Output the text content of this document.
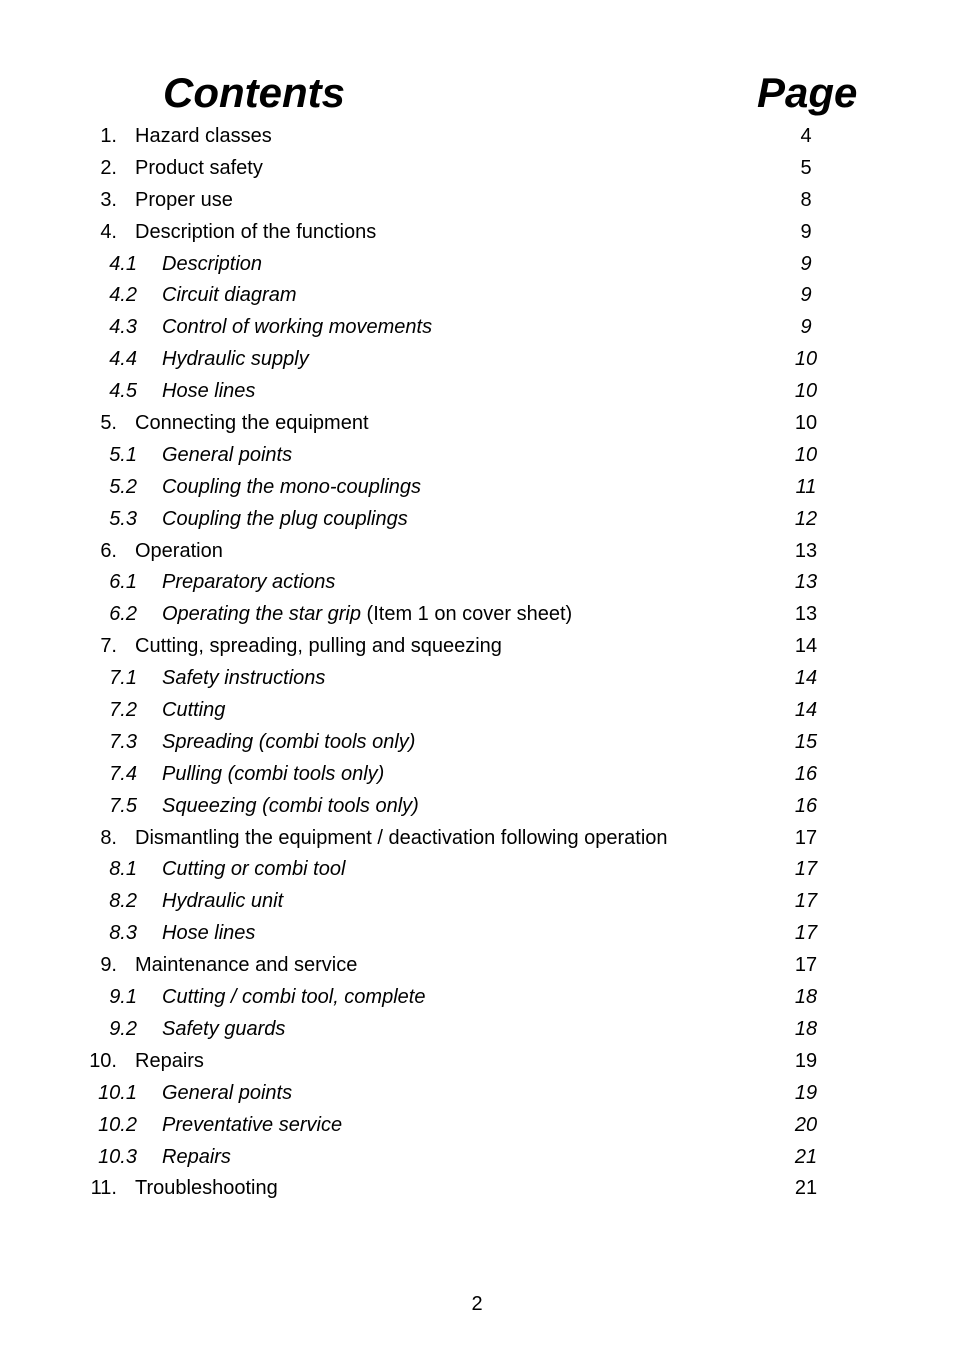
Contents	Page
1. Hazard classes	4
2. Product safety	5
3. Proper use	8
4. Description of the functions	9
4.1 Description	9
4.2 Circuit diagram	9
4.3 Control of working movements	9
4.4 Hydraulic supply	10
4.5 Hose lines	10
5. Connecting the equipment	10
5.1 General points	10
5.2 Coupling the mono-couplings	11
5.3 Coupling the plug couplings	12
6. Operation	13
6.1 Preparatory actions	13
6.2 Operating the star grip (Item 1 on cover sheet)	13
7. Cutting, spreading, pulling and squeezing	14
7.1 Safety instructions	14
7.2 Cutting	14
7.3 Spreading (combi tools only)	15
7.4 Pulling (combi tools only)	16
7.5 Squeezing (combi tools only)	16
8. Dismantling the equipment / deactivation following operation	17
8.1 Cutting or combi tool	17
8.2 Hydraulic unit	17
8.3 Hose lines	17
9. Maintenance and service	17
9.1 Cutting / combi tool, complete	18
9.2 Safety guards	18
10. Repairs	19
10.1 General points	19
10.2 Preventative service	20
10.3 Repairs	21
11. Troubleshooting	21
2
